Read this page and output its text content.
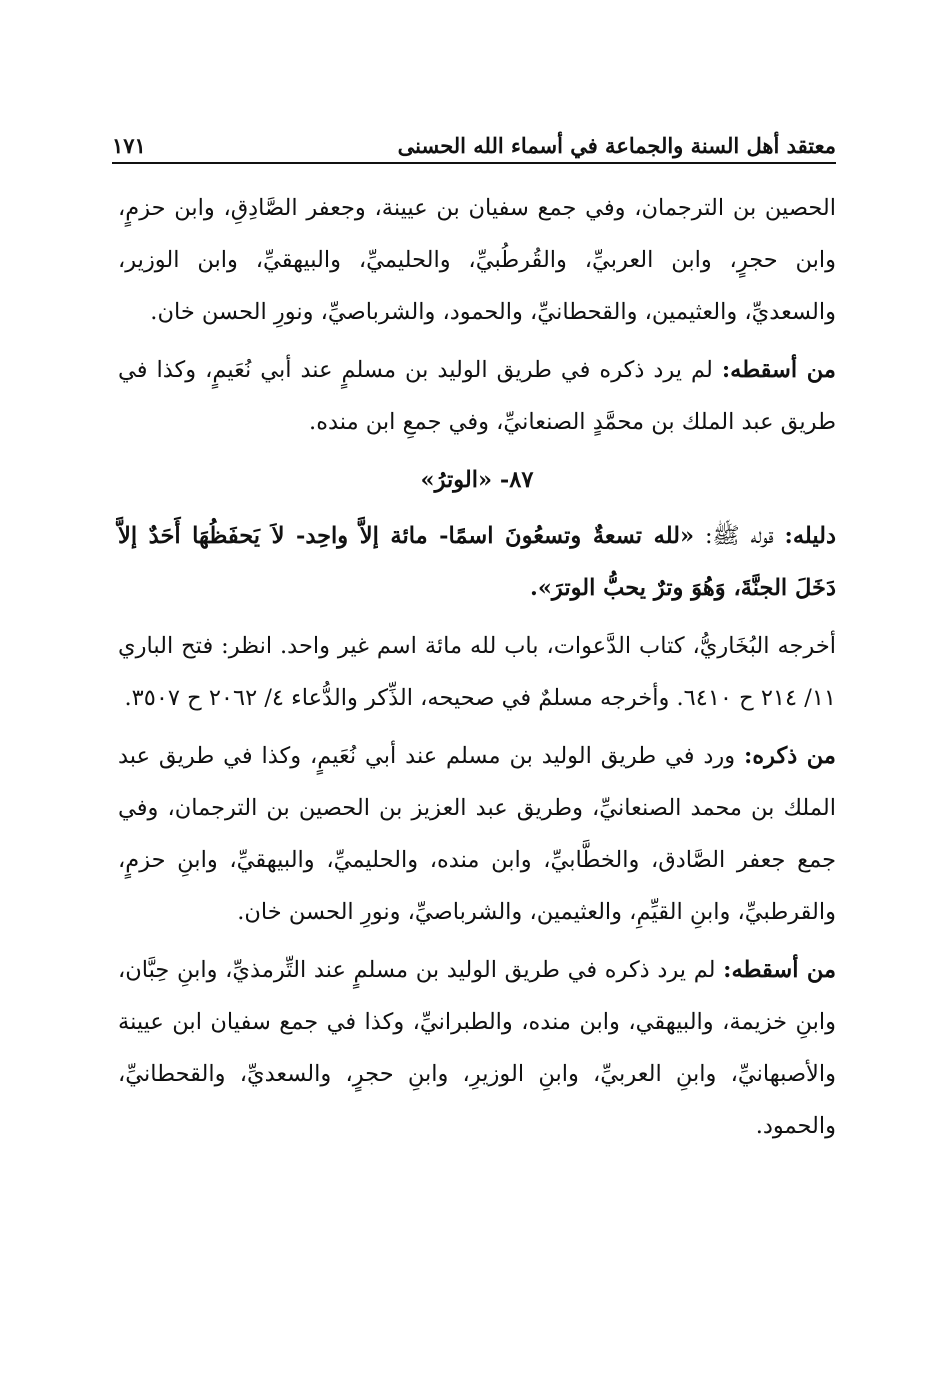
معتقد أهل السنة والجماعة في أسماء الله الحسنى
١٧١

الحصين بن الترجمان، وفي جمع سفيان بن عيينة، وجعفر الصَّادِقِ، وابن حزمٍ، وابن حجرٍ، وابن العربيِّ، والقُرطُبيِّ، والحليميِّ، والبيهقيِّ، وابن الوزير، والسعديِّ، والعثيمين، والقحطانيِّ، والحمود، والشرباصيِّ، ونورِ الحسن خان.

من أسقطه: لم يرد ذكره في طريق الوليد بن مسلمٍ عند أبي نُعَيمٍ، وكذا في طريق عبد الملك بن محمَّدٍ الصنعانيِّ، وفي جمعِ ابن منده.

٨٧- «الوترُ»

دليله: قوله ﷺ: «لله تسعةٌ وتسعُونَ اسمًا- مائة إلاَّ واحِد- لاَ يَحفَظُهَا أَحَدٌ إلاَّ دَخَلَ الجنَّةَ، وَهُوَ وترٌ يحبُّ الوترَ».

أخرجه البُخَاريُّ، كتاب الدَّعوات، باب لله مائة اسم غير واحد. انظر: فتح الباري ١١/ ٢١٤ ح ٦٤١٠. وأخرجه مسلمٌ في صحيحه، الذِّكر والدُّعاء ٤/ ٢٠٦٢ ح ٣٥٠٧.

من ذكره: ورد في طريق الوليد بن مسلم عند أبي نُعَيمٍ، وكذا في طريق عبد الملك بن محمد الصنعانيِّ، وطريق عبد العزيز بن الحصين بن الترجمان، وفي جمع جعفر الصَّادق، والخطَّابيِّ، وابن منده، والحليميِّ، والبيهقيِّ، وابنِ حزمٍ، والقرطبيِّ، وابنِ القيِّمِ، والعثيمين، والشرباصيِّ، ونورِ الحسن خان.

من أسقطه: لم يرد ذكره في طريق الوليد بن مسلمٍ عند التِّرمذيِّ، وابنِ حِبَّان، وابنِ خزيمة، والبيهقي، وابن منده، والطبرانيِّ، وكذا في جمع سفيان ابن عيينة والأصبهانيِّ، وابنِ العربيِّ، وابنِ الوزيرِ، وابنِ حجرٍ، والسعديِّ، والقحطانيِّ، والحمود.
